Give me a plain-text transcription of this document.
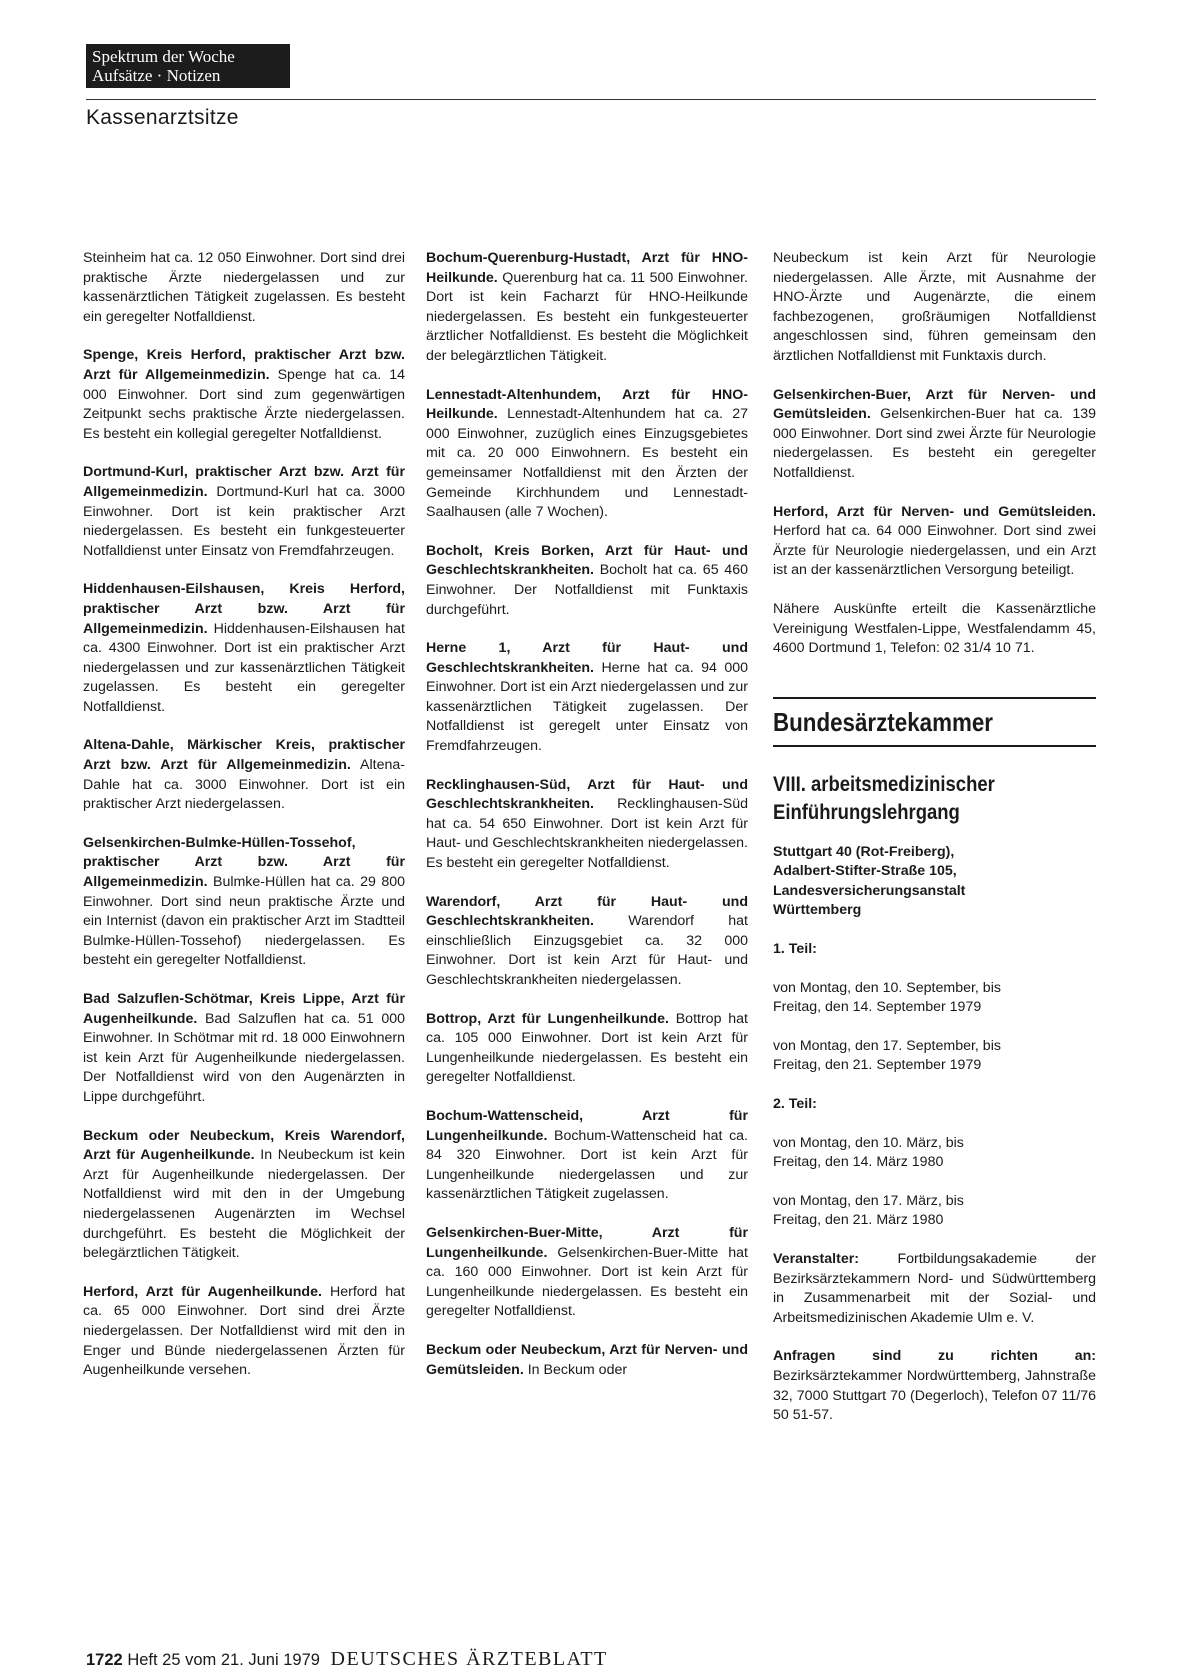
Spektrum der Woche
Aufsätze · Notizen
Kassenarztsitze
Steinheim hat ca. 12 050 Einwohner. Dort sind drei praktische Ärzte niedergelassen und zur kassenärztlichen Tätigkeit zugelassen. Es besteht ein geregelter Notfalldienst.
Spenge, Kreis Herford, praktischer Arzt bzw. Arzt für Allgemeinmedizin. Spenge hat ca. 14 000 Einwohner. Dort sind zum gegenwärtigen Zeitpunkt sechs praktische Ärzte niedergelassen. Es besteht ein kollegial geregelter Notfalldienst.
Dortmund-Kurl, praktischer Arzt bzw. Arzt für Allgemeinmedizin. Dortmund-Kurl hat ca. 3000 Einwohner. Dort ist kein praktischer Arzt niedergelassen. Es besteht ein funkgesteuerter Notfalldienst unter Einsatz von Fremdfahrzeugen.
Hiddenhausen-Eilshausen, Kreis Herford, praktischer Arzt bzw. Arzt für Allgemeinmedizin. Hiddenhausen-Eilshausen hat ca. 4300 Einwohner. Dort ist ein praktischer Arzt niedergelassen und zur kassenärztlichen Tätigkeit zugelassen. Es besteht ein geregelter Notfalldienst.
Altena-Dahle, Märkischer Kreis, praktischer Arzt bzw. Arzt für Allgemeinmedizin. Altena-Dahle hat ca. 3000 Einwohner. Dort ist ein praktischer Arzt niedergelassen.
Gelsenkirchen-Bulmke-Hüllen-Tossehof, praktischer Arzt bzw. Arzt für Allgemeinmedizin. Bulmke-Hüllen hat ca. 29 800 Einwohner. Dort sind neun praktische Ärzte und ein Internist (davon ein praktischer Arzt im Stadtteil Bulmke-Hüllen-Tossehof) niedergelassen. Es besteht ein geregelter Notfalldienst.
Bad Salzuflen-Schötmar, Kreis Lippe, Arzt für Augenheilkunde. Bad Salzuflen hat ca. 51 000 Einwohner. In Schötmar mit rd. 18 000 Einwohnern ist kein Arzt für Augenheilkunde niedergelassen. Der Notfalldienst wird von den Augenärzten in Lippe durchgeführt.
Beckum oder Neubeckum, Kreis Warendorf, Arzt für Augenheilkunde. In Neubeckum ist kein Arzt für Augenheilkunde niedergelassen. Der Notfalldienst wird mit den in der Umgebung niedergelassenen Augenärzten im Wechsel durchgeführt. Es besteht die Möglichkeit der belegärztlichen Tätigkeit.
Herford, Arzt für Augenheilkunde. Herford hat ca. 65 000 Einwohner. Dort sind drei Ärzte niedergelassen. Der Notfalldienst wird mit den in Enger und Bünde niedergelassenen Ärzten für Augenheilkunde versehen.
Bochum-Querenburg-Hustadt, Arzt für HNO-Heilkunde. Querenburg hat ca. 11 500 Einwohner. Dort ist kein Facharzt für HNO-Heilkunde niedergelassen. Es besteht ein funkgesteuerter ärztlicher Notfalldienst. Es besteht die Möglichkeit der belegärztlichen Tätigkeit.
Lennestadt-Altenhundem, Arzt für HNO-Heilkunde. Lennestadt-Altenhundem hat ca. 27 000 Einwohner, zuzüglich eines Einzugsgebietes mit ca. 20 000 Einwohnern. Es besteht ein gemeinsamer Notfalldienst mit den Ärzten der Gemeinde Kirchhundem und Lennestadt-Saalhausen (alle 7 Wochen).
Bocholt, Kreis Borken, Arzt für Haut- und Geschlechtskrankheiten. Bocholt hat ca. 65 460 Einwohner. Der Notfalldienst mit Funktaxis durchgeführt.
Herne 1, Arzt für Haut- und Geschlechtskrankheiten. Herne hat ca. 94 000 Einwohner. Dort ist ein Arzt niedergelassen und zur kassenärztlichen Tätigkeit zugelassen. Der Notfalldienst ist geregelt unter Einsatz von Fremdfahrzeugen.
Recklinghausen-Süd, Arzt für Haut- und Geschlechtskrankheiten. Recklinghausen-Süd hat ca. 54 650 Einwohner. Dort ist kein Arzt für Haut- und Geschlechtskrankheiten niedergelassen. Es besteht ein geregelter Notfalldienst.
Warendorf, Arzt für Haut- und Geschlechtskrankheiten. Warendorf hat einschließlich Einzugsgebiet ca. 32 000 Einwohner. Dort ist kein Arzt für Haut- und Geschlechtskrankheiten niedergelassen.
Bottrop, Arzt für Lungenheilkunde. Bottrop hat ca. 105 000 Einwohner. Dort ist kein Arzt für Lungenheilkunde niedergelassen. Es besteht ein geregelter Notfalldienst.
Bochum-Wattenscheid, Arzt für Lungenheilkunde. Bochum-Wattenscheid hat ca. 84 320 Einwohner. Dort ist kein Arzt für Lungenheilkunde niedergelassen und zur kassenärztlichen Tätigkeit zugelassen.
Gelsenkirchen-Buer-Mitte, Arzt für Lungenheilkunde. Gelsenkirchen-Buer-Mitte hat ca. 160 000 Einwohner. Dort ist kein Arzt für Lungenheilkunde niedergelassen. Es besteht ein geregelter Notfalldienst.
Beckum oder Neubeckum, Arzt für Nerven- und Gemütsleiden. In Beckum oder
Neubeckum ist kein Arzt für Neurologie niedergelassen. Alle Ärzte, mit Ausnahme der HNO-Ärzte und Augenärzte, die einem fachbezogenen, großräumigen Notfalldienst angeschlossen sind, führen gemeinsam den ärztlichen Notfalldienst mit Funktaxis durch.
Gelsenkirchen-Buer, Arzt für Nerven- und Gemütsleiden. Gelsenkirchen-Buer hat ca. 139 000 Einwohner. Dort sind zwei Ärzte für Neurologie niedergelassen. Es besteht ein geregelter Notfalldienst.
Herford, Arzt für Nerven- und Gemütsleiden. Herford hat ca. 64 000 Einwohner. Dort sind zwei Ärzte für Neurologie niedergelassen, und ein Arzt ist an der kassenärztlichen Versorgung beteiligt.
Nähere Auskünfte erteilt die Kassenärztliche Vereinigung Westfalen-Lippe, Westfalendamm 45, 4600 Dortmund 1, Telefon: 02 31/4 10 71.
Bundesärztekammer
VIII. arbeitsmedizinischer
Einführungslehrgang
Stuttgart 40 (Rot-Freiberg),
Adalbert-Stifter-Straße 105,
Landesversicherungsanstalt
Württemberg
1. Teil:
von Montag, den 10. September, bis
Freitag, den 14. September 1979
von Montag, den 17. September, bis
Freitag, den 21. September 1979
2. Teil:
von Montag, den 10. März, bis
Freitag, den 14. März 1980
von Montag, den 17. März, bis
Freitag, den 21. März 1980
Veranstalter:	Fortbildungsakademie der Bezirksärztekammern Nord- und Südwürttemberg in Zusammenarbeit mit der Sozial- und Arbeitsmedizinischen Akademie Ulm e. V.
Anfragen sind zu richten an: Bezirksärztekammer Nordwürttemberg, Jahnstraße 32, 7000 Stuttgart 70 (Degerloch), Telefon 07 11/76 50 51-57.
1722 Heft 25 vom 21. Juni 1979 DEUTSCHES ÄRZTEBLATT
